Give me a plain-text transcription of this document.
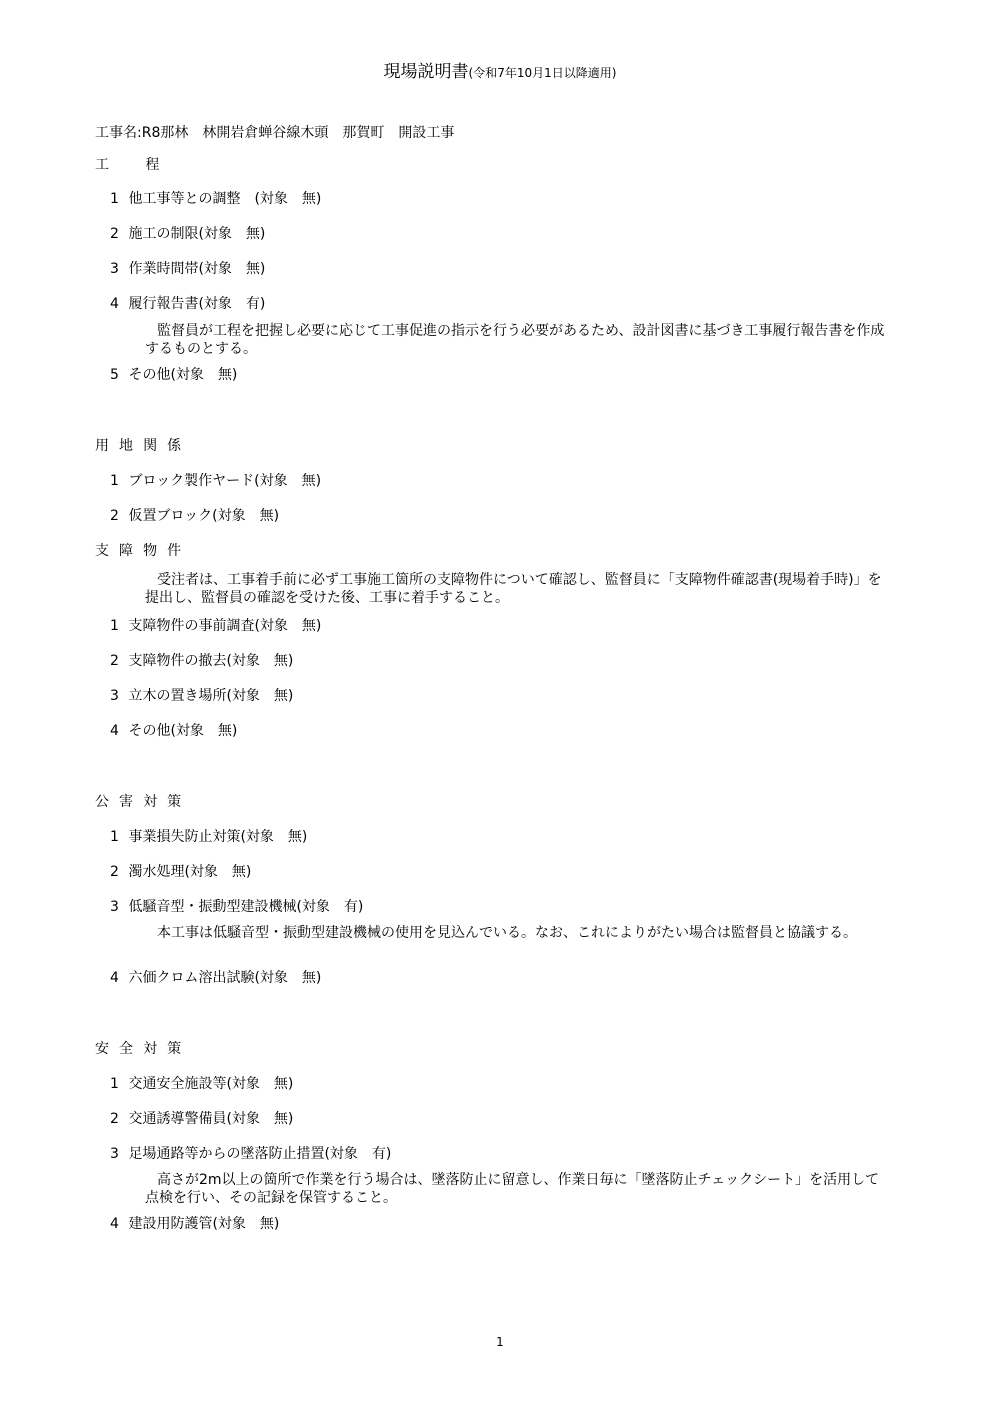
現場説明書(令和7年10月1日以降適用)
工事名:R8那林　林開岩倉蝉谷線木頭　那賀町　開設工事
工　　程
1 他工事等との調整　(対象　無)
2 施工の制限(対象　無)
3 作業時間帯(対象　無)
4 履行報告書(対象　有)
監督員が工程を把握し必要に応じて工事促進の指示を行う必要があるため、設計図書に基づき工事履行報告書を作成するものとする。
5 その他(対象　無)
用 地 関 係
1 ブロック製作ヤード(対象　無)
2 仮置ブロック(対象　無)
支 障 物 件
受注者は、工事着手前に必ず工事施工箇所の支障物件について確認し、監督員に「支障物件確認書(現場着手時)」を提出し、監督員の確認を受けた後、工事に着手すること。
1 支障物件の事前調査(対象　無)
2 支障物件の撤去(対象　無)
3 立木の置き場所(対象　無)
4 その他(対象　無)
公 害 対 策
1 事業損失防止対策(対象　無)
2 濁水処理(対象　無)
3 低騒音型・振動型建設機械(対象　有)
本工事は低騒音型・振動型建設機械の使用を見込んでいる。なお、これによりがたい場合は監督員と協議する。
4 六価クロム溶出試験(対象　無)
安 全 対 策
1 交通安全施設等(対象　無)
2 交通誘導警備員(対象　無)
3 足場通路等からの墜落防止措置(対象　有)
高さが2m以上の箇所で作業を行う場合は、墜落防止に留意し、作業日毎に「墜落防止チェックシート」を活用して点検を行い、その記録を保管すること。
4 建設用防護管(対象　無)
1
